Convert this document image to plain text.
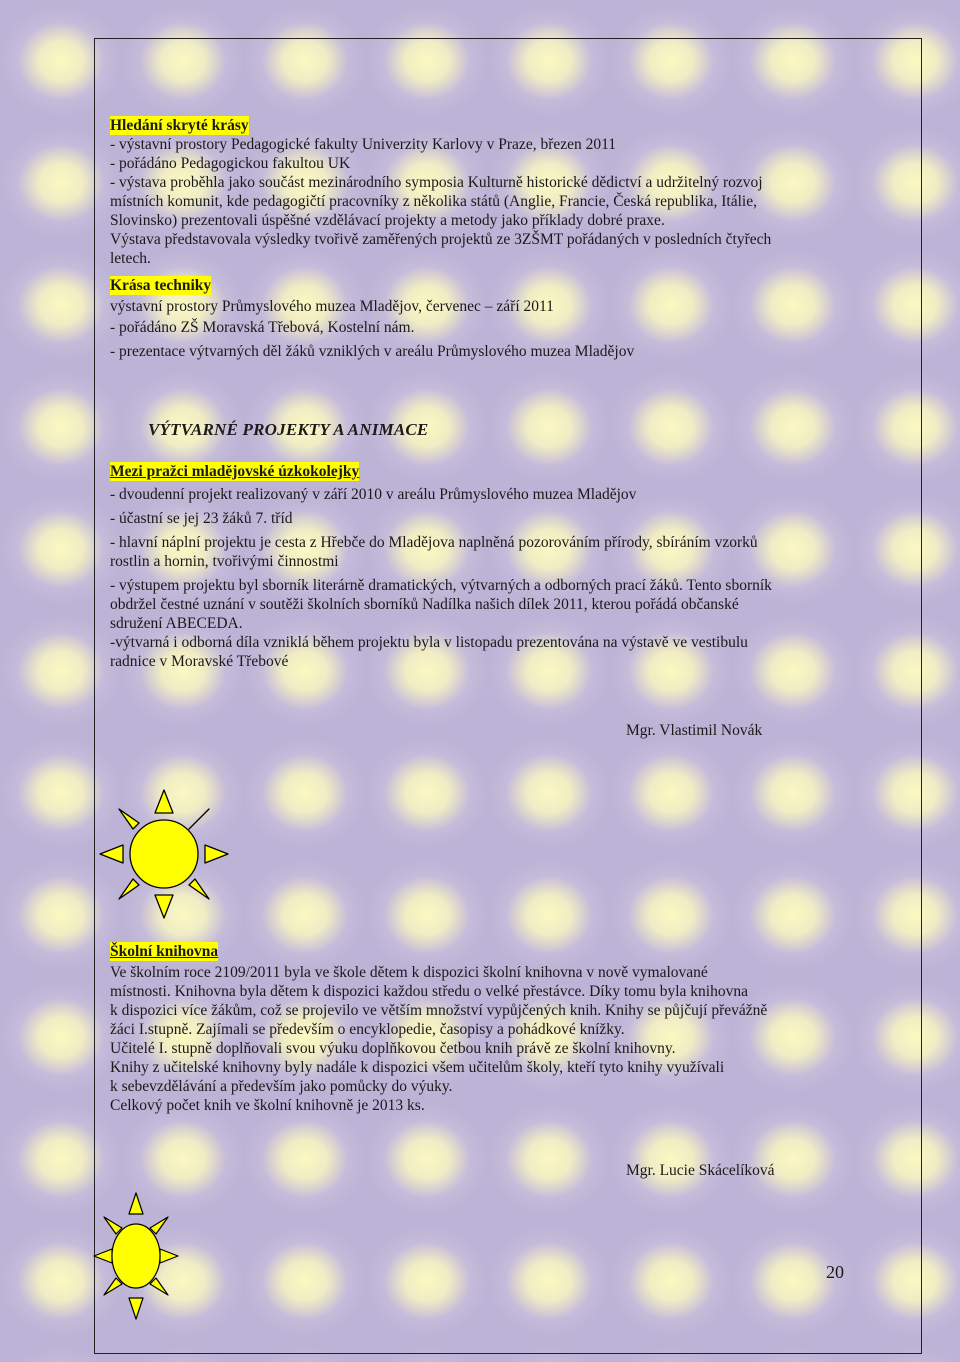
Hledání skryté krásy
- výstavní prostory Pedagogické fakulty Univerzity Karlovy v Praze, březen 2011
- pořádáno Pedagogickou fakultou UK
- výstava proběhla jako součást mezinárodního symposia Kulturně historické dědictví a udržitelný rozvoj
místních komunit, kde pedagogičtí pracovníky z několika států (Anglie, Francie, Česká republika, Itálie,
Slovinsko) prezentovali úspěšné vzdělávací projekty a metody jako příklady dobré praxe.
Výstava představovala výsledky tvořivě zaměřených projektů ze 3ZŠMT pořádaných v posledních čtyřech
letech.
Krása techniky
výstavní prostory Průmyslového muzea Mladějov, červenec – září 2011
- pořádáno ZŠ Moravská Třebová, Kostelní nám.
- prezentace výtvarných děl žáků vzniklých v areálu Průmyslového muzea Mladějov
VÝTVARNÉ PROJEKTY A ANIMACE
Mezi pražci mladějovské úzkokolejky
- dvoudenní projekt realizovaný v září 2010 v areálu Průmyslového muzea Mladějov
- účastní se jej 23 žáků 7. tříd
- hlavní náplní projektu je cesta z Hřebče do Mladějova naplněná pozorováním přírody, sbíráním vzorků
rostlin a hornin, tvořivými činnostmi
- výstupem projektu byl sborník literárně dramatických, výtvarných a odborných prací žáků. Tento sborník
obdržel čestné uznání v soutěži školních sborníků Nadílka našich dílek 2011, kterou pořádá občanské
sdružení ABECEDA.
-výtvarná i odborná díla vzniklá během projektu byla v listopadu prezentována na výstavě ve vestibulu
radnice v Moravské Třebové
Mgr. Vlastimil Novák
Školní knihovna
Ve školním roce 2109/2011 byla ve škole dětem k dispozici školní knihovna v nově vymalované
místnosti. Knihovna byla dětem k dispozici každou středu o velké přestávce. Díky tomu byla knihovna
k dispozici více žákům, což se projevilo ve větším množství vypůjčených knih. Knihy se půjčují převážně
žáci I.stupně. Zajímali se především o encyklopedie, časopisy a pohádkové knížky.
Učitelé I. stupně doplňovali svou výuku doplňkovou četbou knih právě ze školní knihovny.
Knihy z učitelské knihovny byly nadále k dispozici všem učitelům školy, kteří tyto knihy využívali
k sebevzdělávání a především jako pomůcky do výuky.
Celkový počet knih ve školní knihovně je 2013 ks.
Mgr. Lucie Skácelíková
20
